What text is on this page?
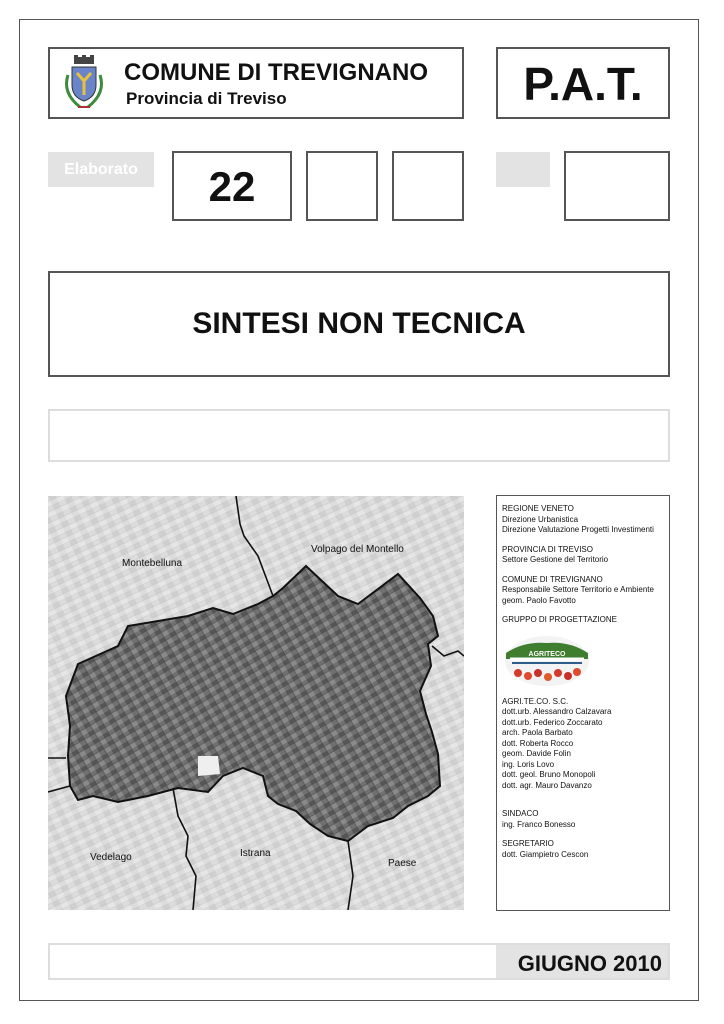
COMUNE DI TREVIGNANO
Provincia di Treviso	P.A.T.
Elaborato	22
SINTESI NON TECNICA
Montebelluna
Volpago del Montello
Vedelago	Istrana
Paese

REGIONE VENETO
Direzione Urbanistica
Direzione Valutazione Progetti Investimenti

PROVINCIA DI TREVISO
Settore Gestione del Territorio

COMUNE DI TREVIGNANO
Responsabile Settore Territorio e Ambiente
geom. Paolo Favotto

GRUPPO DI PROGETTAZIONE

AGRITECO

AGRI.TE.CO. S.C.
dott.urb. Alessandro Calzavara
dott.urb. Federico Zoccarato
arch. Paola Barbato
dott. Roberta Rocco
geom. Davide Folin
ing. Loris Lovo
dott. geol. Bruno Monopoli
dott. agr. Mauro Davanzo

SINDACO
ing. Franco Bonesso

SEGRETARIO
dott. Giampietro Cescon

GIUGNO 2010
